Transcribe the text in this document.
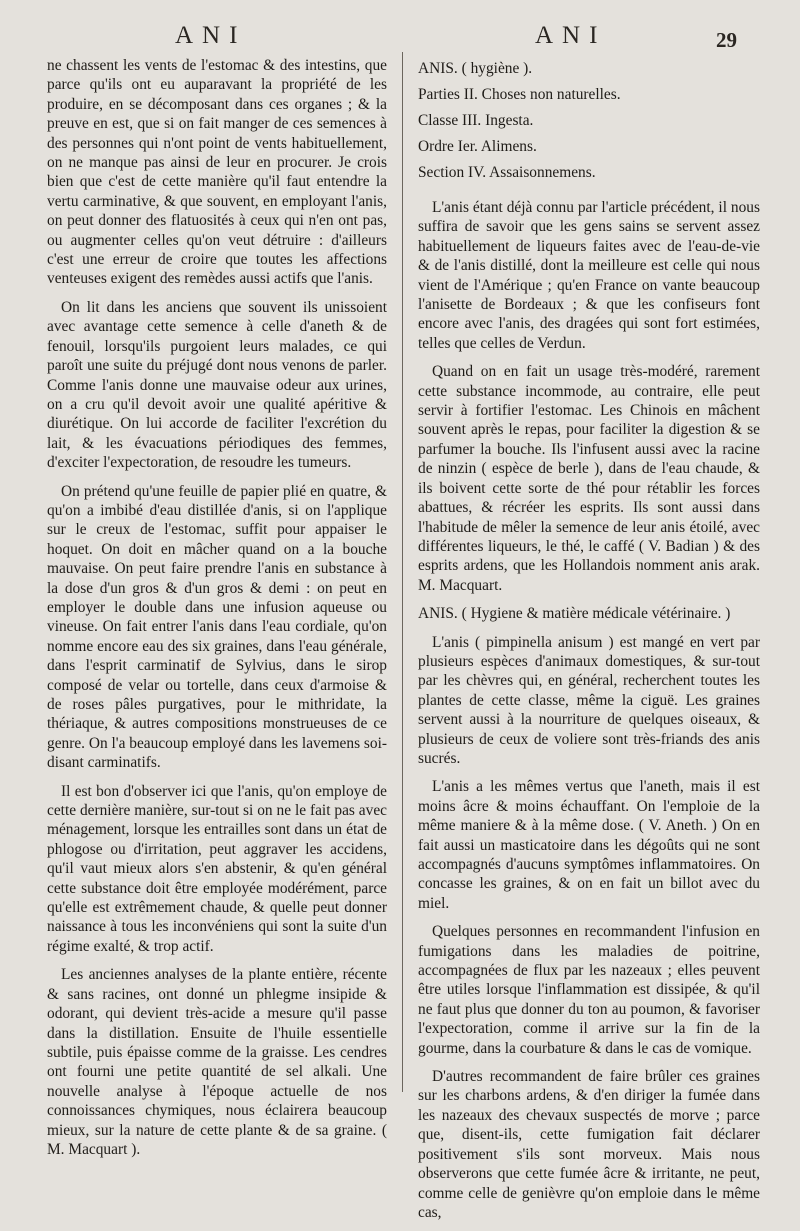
ANI	ANI	29

ne chassent les vents de l'estomac & des intestins, que parce qu'ils ont eu auparavant la propriété de les produire, en se décomposant dans ces organes ; & la preuve en est, que si on fait manger de ces semences à des personnes qui n'ont point de vents habituellement, on ne manque pas ainsi de leur en procurer. Je crois bien que c'est de cette manière qu'il faut entendre la vertu carminative, & que souvent, en employant l'anis, on peut donner des flatuosités à ceux qui n'en ont pas, ou augmenter celles qu'on veut détruire : d'ailleurs c'est une erreur de croire que toutes les affections venteuses exigent des remèdes aussi actifs que l'anis.

On lit dans les anciens que souvent ils unissoient avec avantage cette semence à celle d'aneth & de fenouil, lorsqu'ils purgoient leurs malades, ce qui paroît une suite du préjugé dont nous venons de parler. Comme l'anis donne une mauvaise odeur aux urines, on a cru qu'il devoit avoir une qualité apéritive & diurétique. On lui accorde de faciliter l'excrétion du lait, & les évacuations périodiques des femmes, d'exciter l'expectoration, de resoudre les tumeurs.

On prétend qu'une feuille de papier plié en quatre, & qu'on a imbibé d'eau distillée d'anis, si on l'applique sur le creux de l'estomac, suffit pour appaiser le hoquet. On doit en mâcher quand on a la bouche mauvaise. On peut faire prendre l'anis en substance à la dose d'un gros & d'un gros & demi : on peut en employer le double dans une infusion aqueuse ou vineuse. On fait entrer l'anis dans l'eau cordiale, qu'on nomme encore eau des six graines, dans l'eau générale, dans l'esprit carminatif de Sylvius, dans le sirop composé de velar ou tortelle, dans ceux d'armoise & de roses pâles purgatives, pour le mithridate, la thériaque, & autres compositions monstrueuses de ce genre. On l'a beaucoup employé dans les lavemens soi-disant carminatifs.

Il est bon d'observer ici que l'anis, qu'on employe de cette dernière manière, sur-tout si on ne le fait pas avec ménagement, lorsque les entrailles sont dans un état de phlogose ou d'irritation, peut aggraver les accidens, qu'il vaut mieux alors s'en abstenir, & qu'en général cette substance doit être employée modérément, parce qu'elle est extrêmement chaude, & quelle peut donner naissance à tous les inconvéniens qui sont la suite d'un régime exalté, & trop actif.

Les anciennes analyses de la plante entière, récente & sans racines, ont donné un phlegme insipide & odorant, qui devient très-acide a mesure qu'il passe dans la distillation. Ensuite de l'huile essentielle subtile, puis épaisse comme de la graisse. Les cendres ont fourni une petite quantité de sel alkali. Une nouvelle analyse à l'époque actuelle de nos connoissances chymiques, nous éclairera beaucoup mieux, sur la nature de cette plante & de sa graine. ( M. Macquart ).

ANIS. ( hygiène ).
Parties II. Choses non naturelles.
Classe III. Ingesta.
Ordre Ier. Alimens.
Section IV. Assaisonnemens.

L'anis étant déjà connu par l'article précédent, il nous suffira de savoir que les gens sains se servent assez habituellement de liqueurs faites avec de l'eau-de-vie & de l'anis distillé, dont la meilleure est celle qui nous vient de l'Amérique ; qu'en France on vante beaucoup l'anisette de Bordeaux ; & que les confiseurs font encore avec l'anis, des dragées qui sont fort estimées, telles que celles de Verdun.

Quand on en fait un usage très-modéré, rarement cette substance incommode, au contraire, elle peut servir à fortifier l'estomac. Les Chinois en mâchent souvent après le repas, pour faciliter la digestion & se parfumer la bouche. Ils l'infusent aussi avec la racine de ninzin ( espèce de berle ), dans de l'eau chaude, & ils boivent cette sorte de thé pour rétablir les forces abattues, & récréer les esprits. Ils sont aussi dans l'habitude de mêler la semence de leur anis étoilé, avec différentes liqueurs, le thé, le caffé ( V. Badian ) & des esprits ardens, que les Hollandois nomment anis arak. M. Macquart.

ANIS. ( Hygiene & matière médicale vétérinaire. )

L'anis ( pimpinella anisum ) est mangé en vert par plusieurs espèces d'animaux domestiques, & sur-tout par les chèvres qui, en général, recherchent toutes les plantes de cette classe, même la ciguë. Les graines servent aussi à la nourriture de quelques oiseaux, & plusieurs de ceux de voliere sont très-friands des anis sucrés.

L'anis a les mêmes vertus que l'aneth, mais il est moins âcre & moins échauffant. On l'emploie de la même maniere & à la même dose. ( V. Aneth. ) On en fait aussi un masticatoire dans les dégoûts qui ne sont accompagnés d'aucuns symptômes inflammatoires. On concasse les graines, & on en fait un billot avec du miel.

Quelques personnes en recommandent l'infusion en fumigations dans les maladies de poitrine, accompagnées de flux par les nazeaux ; elles peuvent être utiles lorsque l'inflammation est dissipée, & qu'il ne faut plus que donner du ton au poumon, & favoriser l'expectoration, comme il arrive sur la fin de la gourme, dans la courbature & dans le cas de vomique.

D'autres recommandent de faire brûler ces graines sur les charbons ardens, & d'en diriger la fumée dans les nazeaux des chevaux suspectés de morve ; parce que, disent-ils, cette fumigation fait déclarer positivement s'ils sont morveux. Mais nous observerons que cette fumée âcre & irritante, ne peut, comme celle de genièvre qu'on emploie dans le même cas,
